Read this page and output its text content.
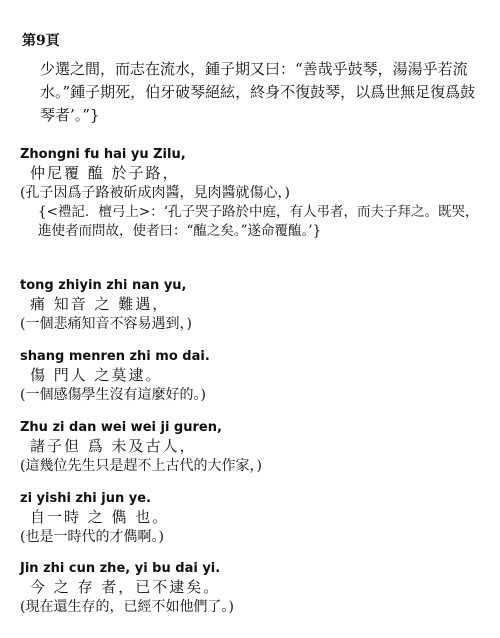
第9頁

少選之間，而志在流水，鍾子期又曰：“善哉乎鼓琴，湯湯乎若流水。”鍾子期死，伯牙破琴絕絃，終身不復鼓琴，以爲世無足復爲鼓琴者’。”}

Zhongni fu hai yu Zilu,
仲尼覆 醢 於子路，
(孔子因爲子路被斫成肉醬，見肉醬就傷心，)

{<禮記．檀弓上>：‘孔子哭子路於中庭，有人弔者，而夫子拜之。既哭，進使者而問故，使者曰：“醢之矣。”遂命覆醢。’}

tong zhiyin zhi nan yu,
痛 知音 之 難遇，
(一個悲痛知音不容易遇到，)
shang menren zhi mo dai.
傷 門人 之莫逮。
(一個感傷學生沒有這麼好的。)
Zhu zi dan wei wei ji guren,
諸子但 爲 未及古人，
(這幾位先生只是趕不上古代的大作家，)
zi yishi zhi jun ye.
自一時 之 儁 也。
(也是一時代的才儁啊。)
Jin zhi cun zhe, yi bu dai yi.
今 之 存 者，已不逮矣。
(現在還生存的，已經不如他們了。)
